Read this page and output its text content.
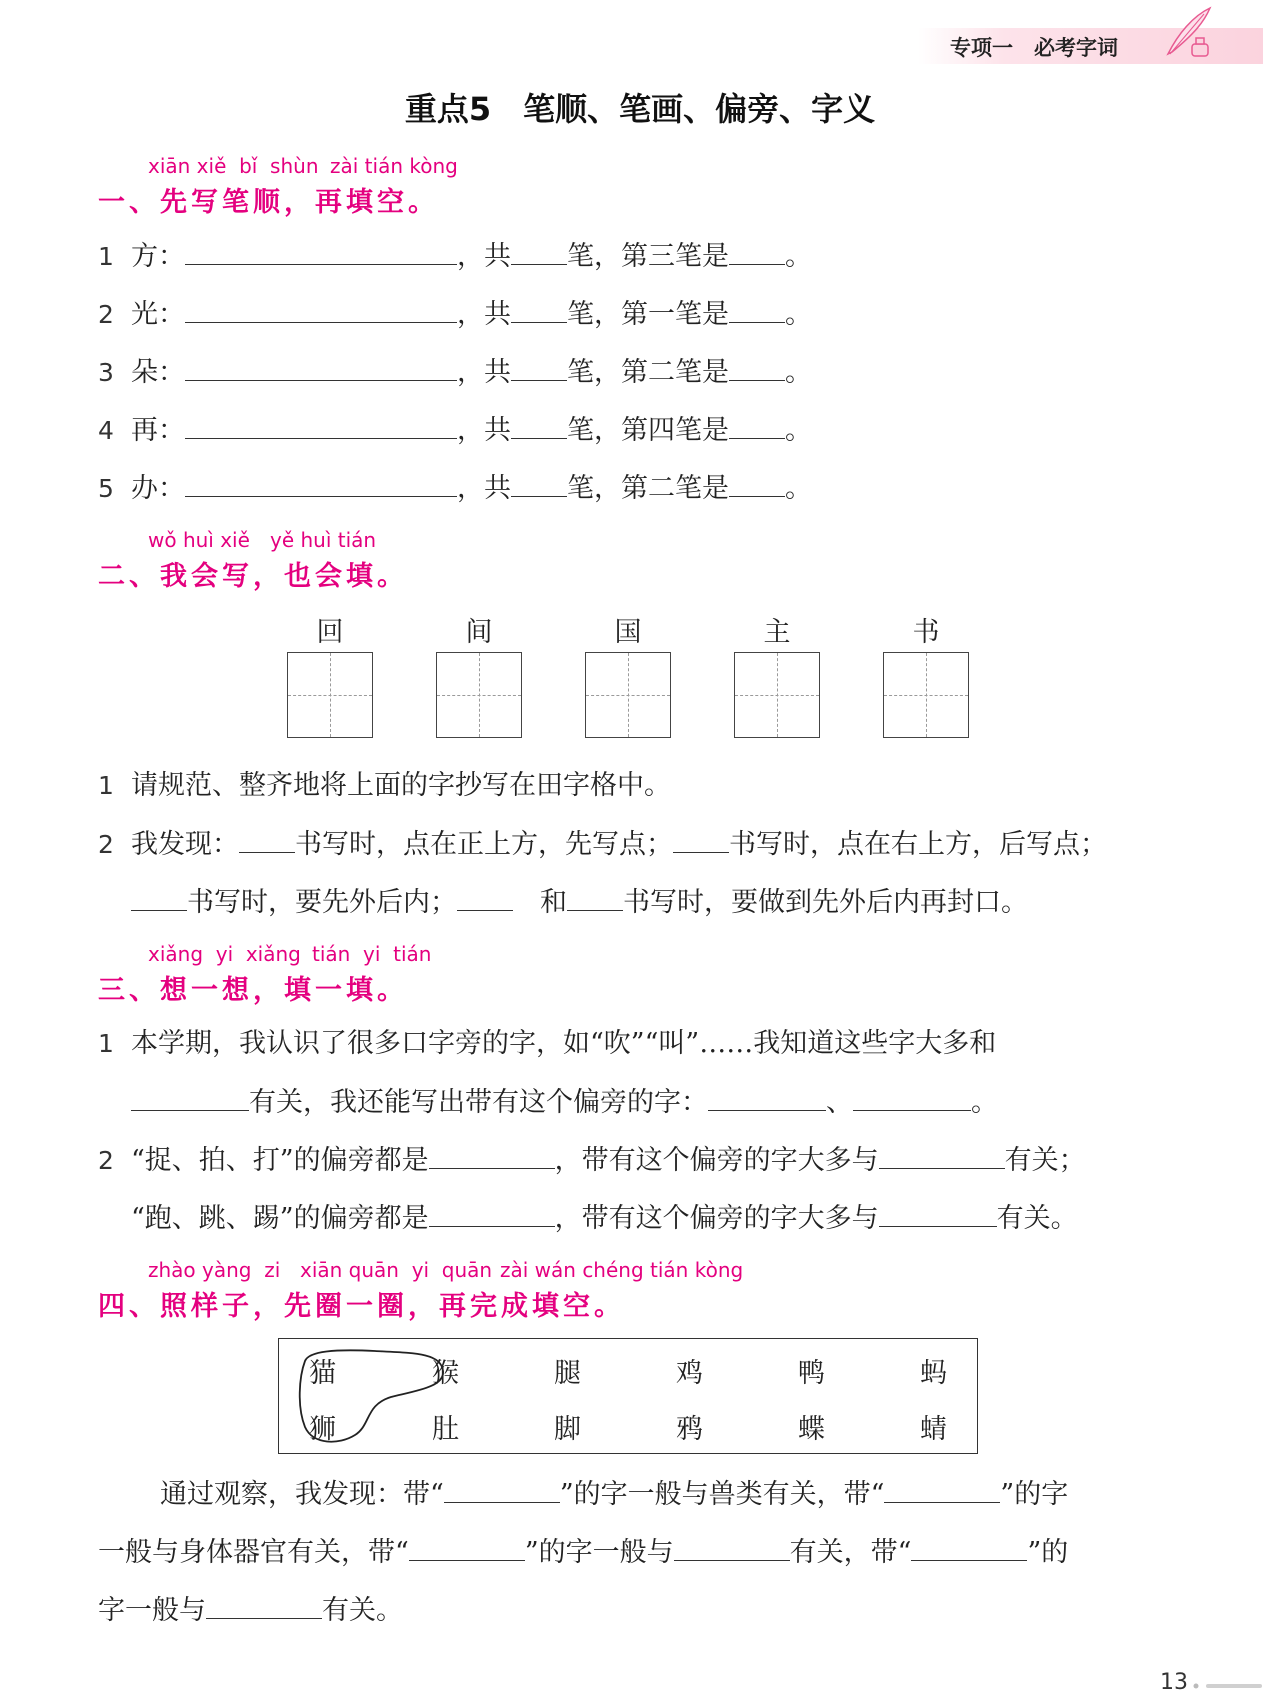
专项一　 必考字词
重点5　笔顺、笔画、偏旁、字义
xiān xiě  bǐ  shùn zài tián kòng
一、先写笔顺，再填空。
1 方：	，共 笔，第三笔是 。
2 光：	，共 笔，第一笔是 。
3 朵：	，共 笔，第二笔是 。
4 再：	，共 笔，第四笔是 。
5 办：	，共 笔，第二笔是 。
wǒ huì xiě yě huì tián
二、我会写，也会填。
回	间	国	主	书
1 请规范、整齐地将上面的字抄写在田字格中。
2 我发现： 书写时，点在正上方，先写点； 书写时，点在右上方，后写点；
书写时，要先外后内；　	和 书写时，要做到先外后内再封口。
xiǎng  yi  xiǎng tián  yi  tián
三、想一想，填一填。
1 本学期，我认识了很多口字旁的字，如“吹”“叫”……我知道这些字大多和
有关，我还能写出带有这个偏旁的字：	、	。
2 “捉、拍、打”的偏旁都是	，带有这个偏旁的字大多与	有关；
“跑、跳、踢”的偏旁都是	，带有这个偏旁的字大多与	有关。
zhào yàng  zi xiān quān  yi  quān zài wán chéng tián kòng
四、照样子，先圈一圈，再完成填空。
猫	猴	腿	鸡	鸭	蚂
狮	肚	脚	鸦	蝶	蜻
通过观察，我发现：带“	”的字一般与兽类有关，带“	”的字
一般与身体器官有关，带“	”的字一般与	有关，带“	”的
字一般与	有关。
13
